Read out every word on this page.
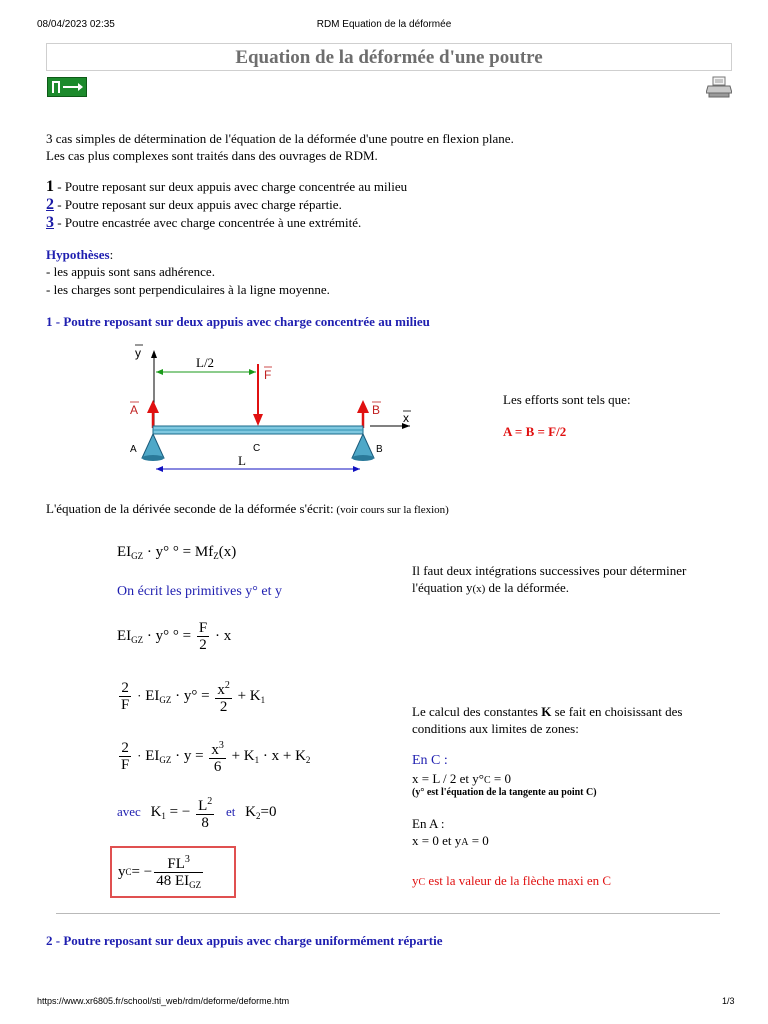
08/04/2023 02:35	RDM Equation de la déformée
Equation de la déformée d'une poutre
3 cas simples de détermination de l'équation de la déformée d'une poutre en flexion plane.
Les cas plus complexes sont traités dans des ouvrages de RDM.
1 - Poutre reposant sur deux appuis avec charge concentrée au milieu
2 - Poutre reposant sur deux appuis avec charge répartie.
3 - Poutre encastrée avec charge concentrée à une extrémité.
Hypothèses:
- les appuis sont sans adhérence.
- les charges sont perpendiculaires à la ligne moyenne.
1 - Poutre reposant sur deux appuis avec charge concentrée au milieu
y
L/2
F
A	B
x
A	B
C
L
Les efforts sont tels que:
A = B = F/2
L'équation de la dérivée seconde de la déformée s'écrit: (voir cours sur la flexion)
$EI_{GZ} \cdot y^\circ$ ° = $Mf_Z(x)$
Il faut deux intégrations successives pour déterminer
l'équation y(x) de la déformée.
On écrit les primitives y° et y
$EI_{GZ} \cdot y^\circ$ ° = $\frac{F}{2} \cdot x$
$\frac{2}{F} \cdot EI_{GZ} \cdot y^\circ = \frac{x^2}{2} + K_1$
Le calcul des constantes K se fait en choisissant des
conditions aux limites de zones:
$\frac{2}{F} \cdot EI_{GZ} \cdot y = \frac{x^3}{6} + K_1 \cdot x + K_2$	En C :
x = L / 2 et y°C = 0
(y° est l'équation de la tangente au point C)
avec $K_1$ = − $\frac{L^2}{8}$ et $K_2=0$
En A :
x = 0 et yA = 0
y C = − $\frac{FL^3}{48 EI_{GZ}}$	yC est la valeur de la flèche maxi en C
2 - Poutre reposant sur deux appuis avec charge uniformément répartie
https://www.xr6805.fr/school/sti_web/rdm/deforme/deforme.htm	1/3
